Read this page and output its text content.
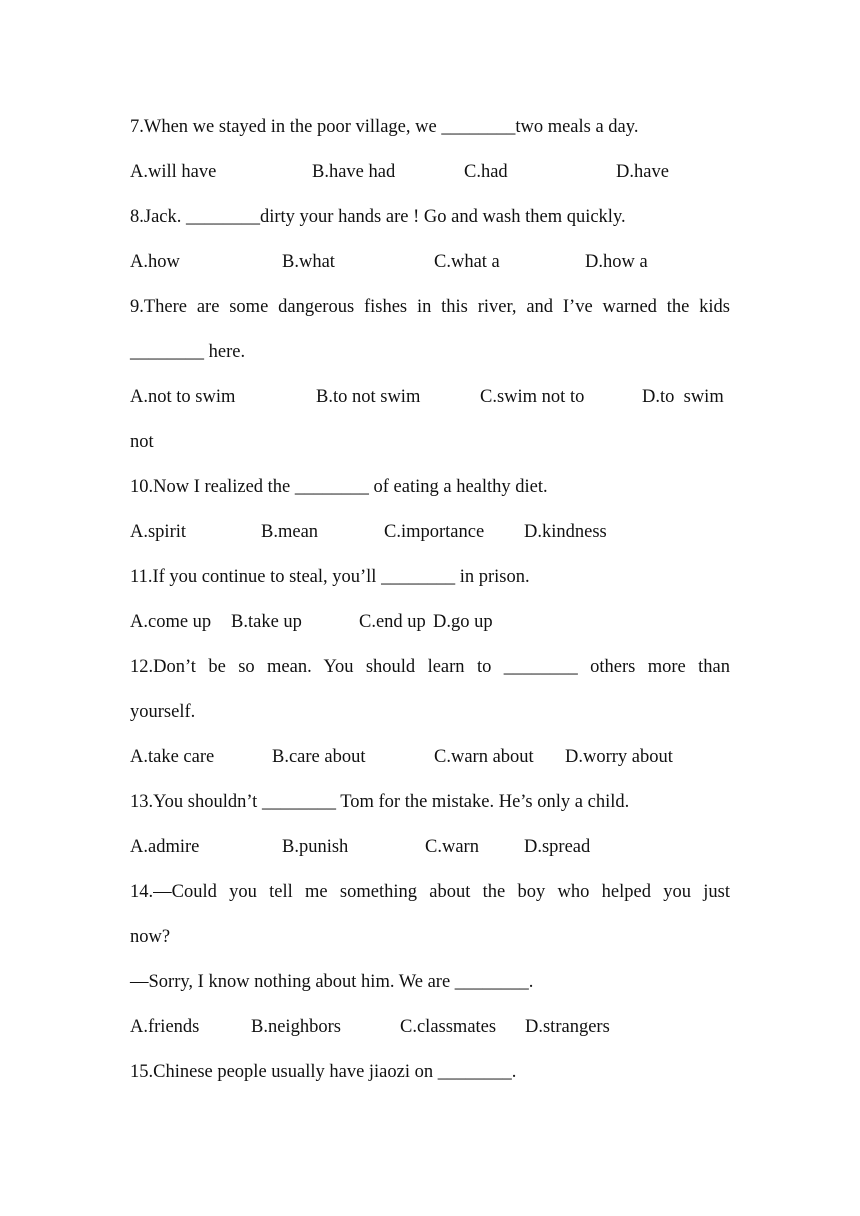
7.When we stayed in the poor village, we ________two meals a day.
A.will have	B.have had	C.had	D.have
8.Jack. ________dirty your hands are ! Go and wash them quickly.
A.how	B.what	C.what a	D.how a
9.There are some dangerous fishes in this river, and I’ve warned the kids
________ here.
A.not to swim	B.to not swim	C.swim not to	D.to  swim
not
10.Now I realized the ________ of eating a healthy diet.
A.spirit	B.mean	C.importance D.kindness
11.If you continue to steal, you’ll ________ in prison.
A.come up B.take up	C.end up D.go up
12.Don’t be so mean. You should learn to ________ others more than
yourself.
A.take care	B.care about	C.warn about D.worry about
13.You shouldn’t ________ Tom for the mistake. He’s only a child.
A.admire	B.punish	C.warn D.spread
14.—Could you tell me something about the boy who helped you just
now?
—Sorry, I know nothing about him. We are ________.
A.friends	B.neighbors	C.classmates D.strangers
15.Chinese people usually have jiaozi on ________.
